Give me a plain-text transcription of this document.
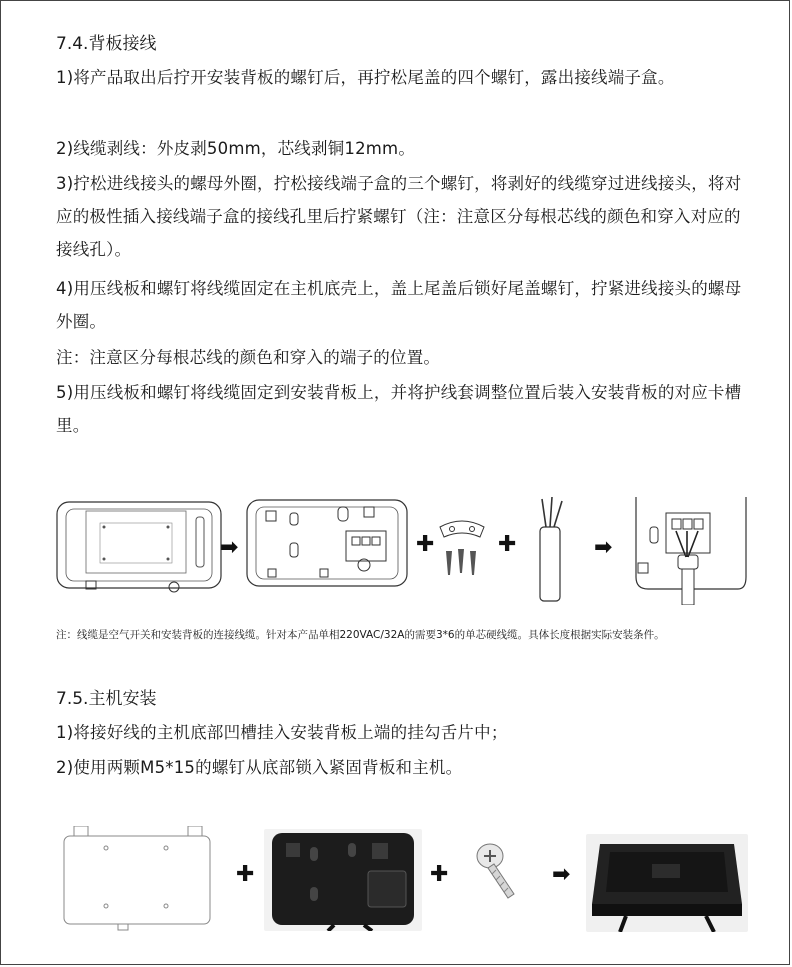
7.4.背板接线
1)将产品取出后拧开安装背板的螺钉后，再拧松尾盖的四个螺钉，露出接线端子盒。
2)线缆剥线：外皮剥50mm，芯线剥铜12mm。
3)拧松进线接头的螺母外圈，拧松接线端子盒的三个螺钉，将剥好的线缆穿过进线接头，将对应的极性插入接线端子盒的接线孔里后拧紧螺钉（注：注意区分每根芯线的颜色和穿入对应的接线孔）。
4)用压线板和螺钉将线缆固定在主机底壳上，盖上尾盖后锁好尾盖螺钉，拧紧进线接头的螺母外圈。
注：注意区分每根芯线的颜色和穿入的端子的位置。
5)用压线板和螺钉将线缆固定到安装背板上，并将护线套调整位置后装入安装背板的对应卡槽里。
➡	✚	✚	➡
注：线缆是空气开关和安装背板的连接线缆。针对本产品单相220VAC/32A的需要3*6的单芯硬线缆。具体长度根据实际安装条件。
7.5.主机安装
1)将接好线的主机底部凹槽挂入安装背板上端的挂勾舌片中；
2)使用两颗M5*15的螺钉从底部锁入紧固背板和主机。
✚	✚	➡
